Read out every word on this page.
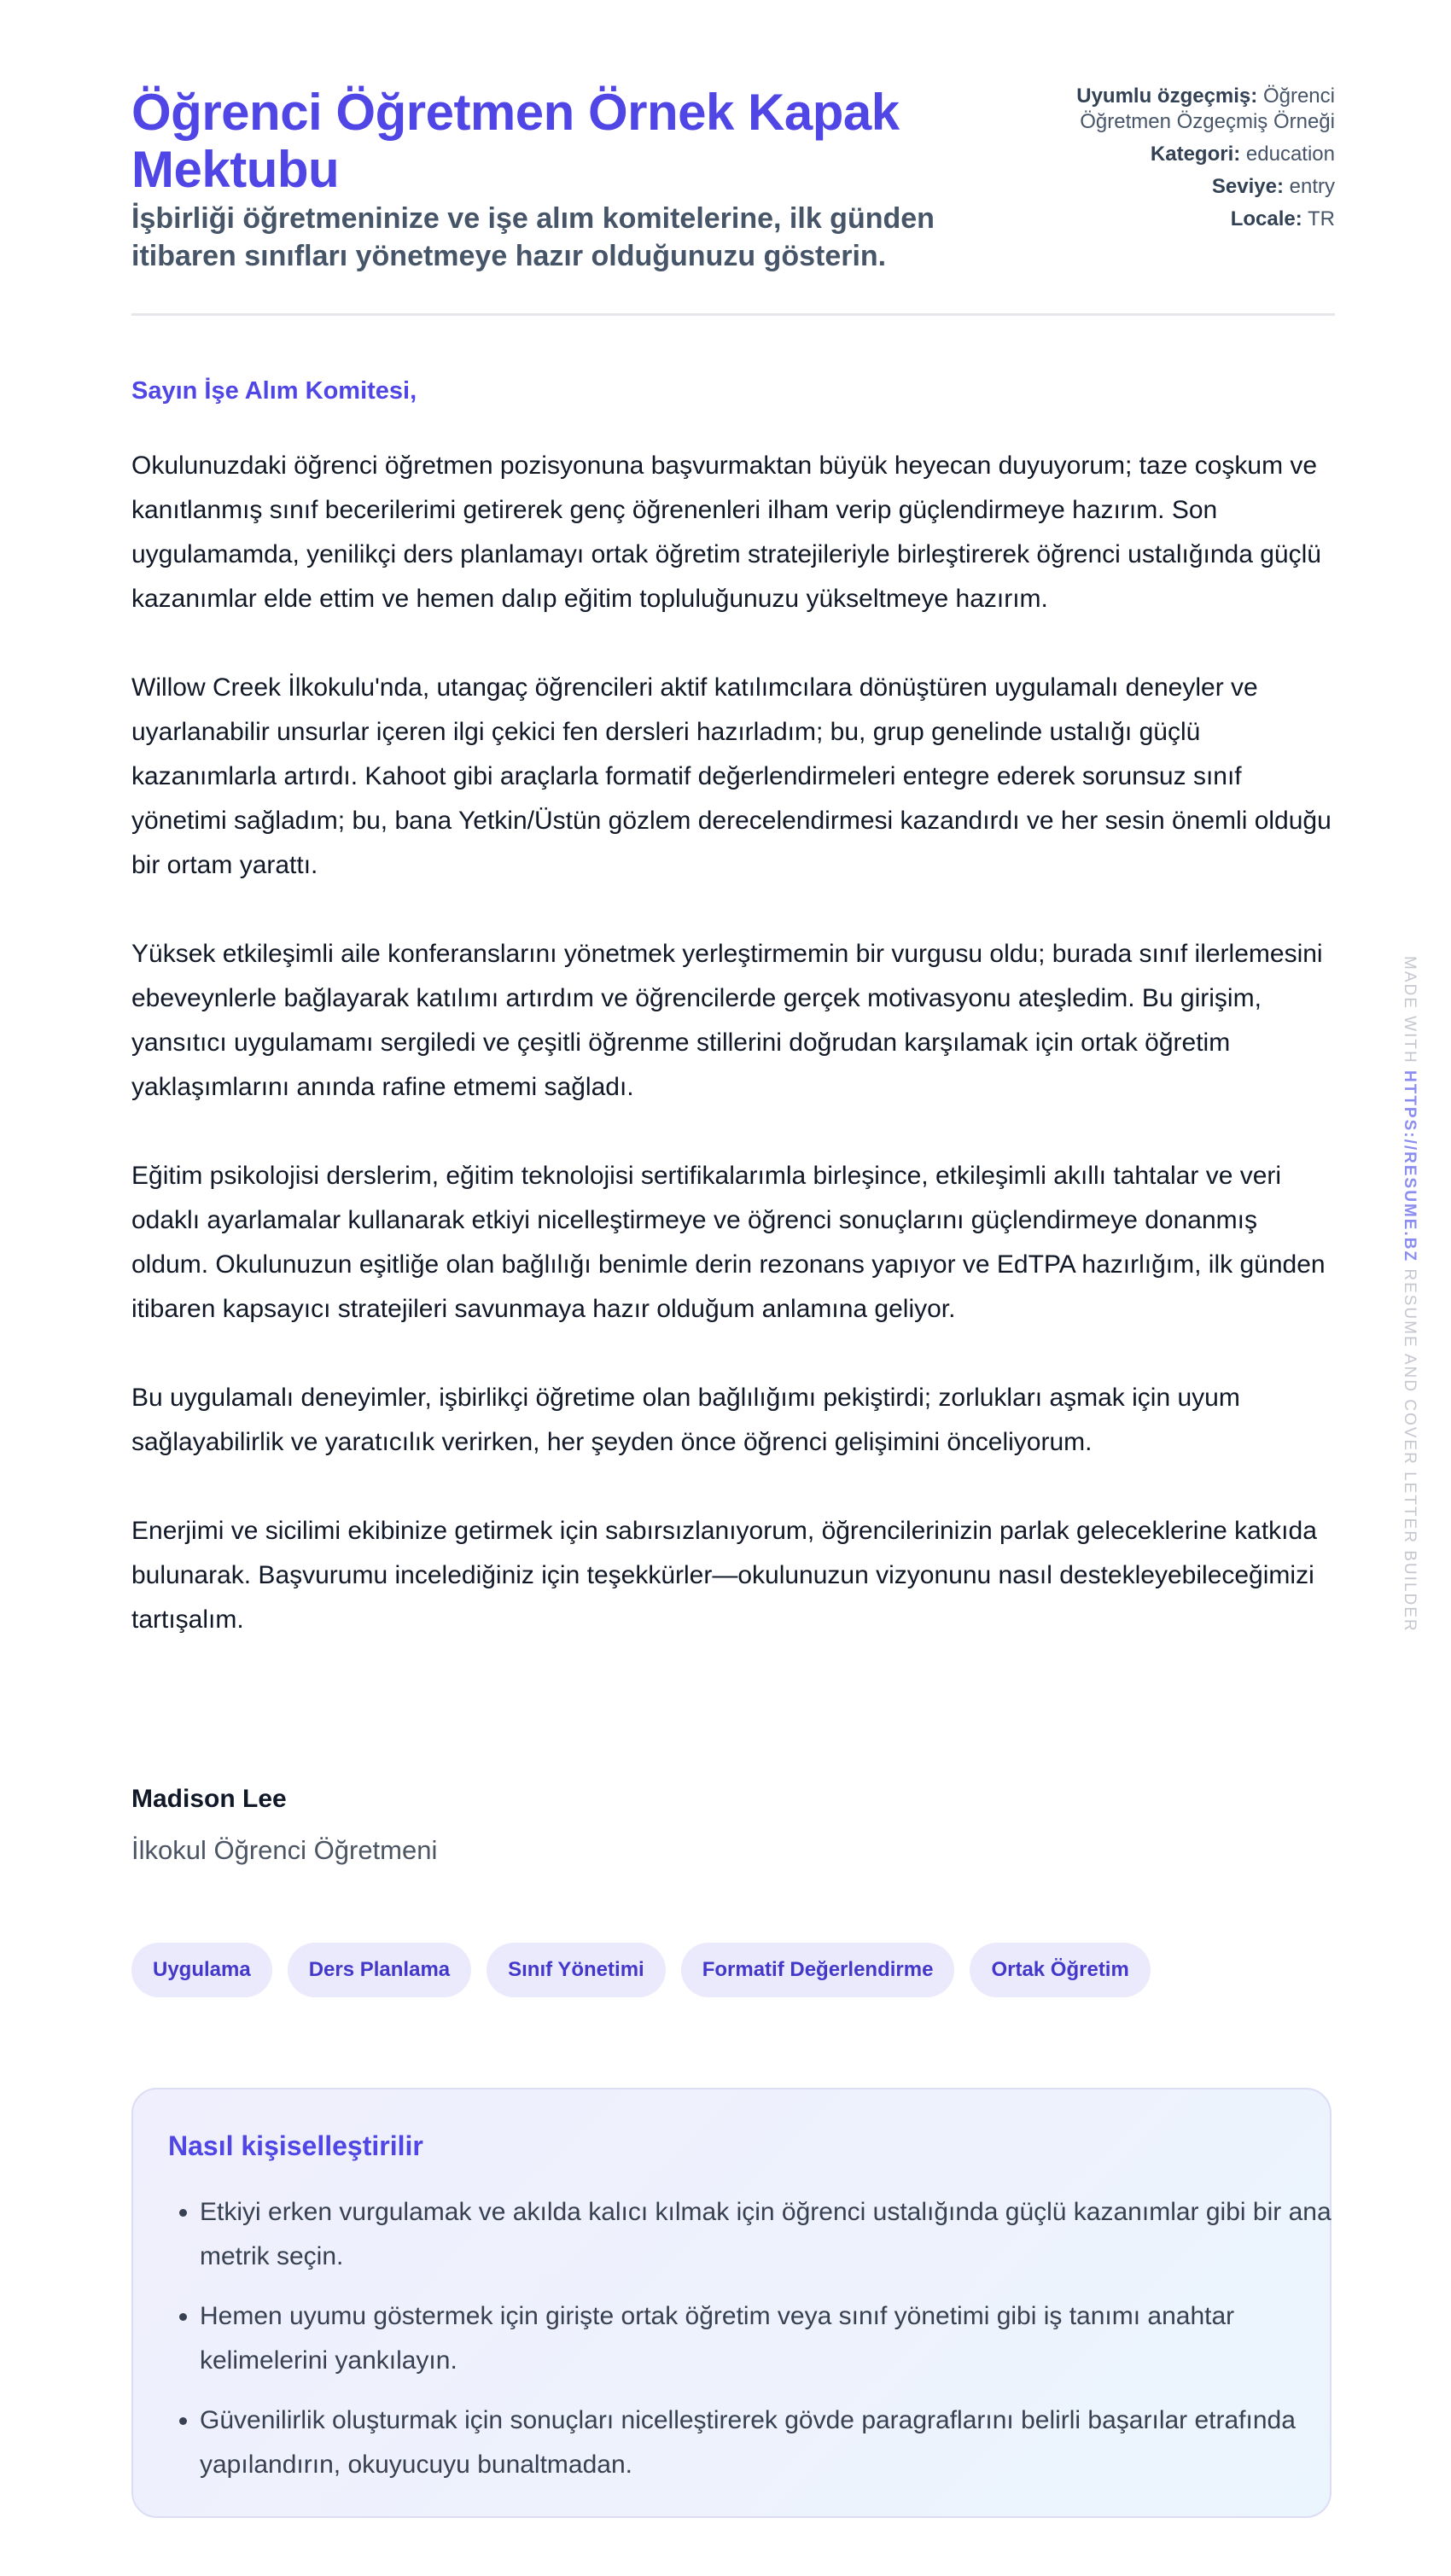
Öğrenci Öğretmen Örnek Kapak Mektubu
İşbirliği öğretmeninize ve işe alım komitelerine, ilk günden itibaren sınıfları yönetmeye hazır olduğunuzu gösterin.
Uyumlu özgeçmiş: Öğrenci Öğretmen Özgeçmiş Örneği
Kategori: education
Seviye: entry
Locale: TR
Sayın İşe Alım Komitesi,

Okulunuzdaki öğrenci öğretmen pozisyonuna başvurmaktan büyük heyecan duyuyorum; taze coşkum ve kanıtlanmış sınıf becerilerimi getirerek genç öğrenenleri ilham verip güçlendirmeye hazırım. Son uygulamamda, yenilikçi ders planlamayı ortak öğretim stratejileriyle birleştirerek öğrenci ustalığında güçlü kazanımlar elde ettim ve hemen dalıp eğitim topluluğunuzu yükseltmeye hazırım.

Willow Creek İlkokulu'nda, utangaç öğrencileri aktif katılımcılara dönüştüren uygulamalı deneyler ve uyarlanabilir unsurlar içeren ilgi çekici fen dersleri hazırladım; bu, grup genelinde ustalığı güçlü kazanımlarla artırdı. Kahoot gibi araçlarla formatif değerlendirmeleri entegre ederek sorunsuz sınıf yönetimi sağladım; bu, bana Yetkin/Üstün gözlem derecelendirmesi kazandırdı ve her sesin önemli olduğu bir ortam yarattı.

Yüksek etkileşimli aile konferanslarını yönetmek yerleştirmemin bir vurgusu oldu; burada sınıf ilerlemesini ebeveynlerle bağlayarak katılımı artırdım ve öğrencilerde gerçek motivasyonu ateşledim. Bu girişim, yansıtıcı uygulamamı sergiledi ve çeşitli öğrenme stillerini doğrudan karşılamak için ortak öğretim yaklaşımlarını anında rafine etmemi sağladı.

Eğitim psikolojisi derslerim, eğitim teknolojisi sertifikalarımla birleşince, etkileşimli akıllı tahtalar ve veri odaklı ayarlamalar kullanarak etkiyi nicelleştirmeye ve öğrenci sonuçlarını güçlendirmeye donanmış oldum. Okulunuzun eşitliğe olan bağlılığı benimle derin rezonans yapıyor ve EdTPA hazırlığım, ilk günden itibaren kapsayıcı stratejileri savunmaya hazır olduğum anlamına geliyor.

Bu uygulamalı deneyimler, işbirlikçi öğretime olan bağlılığımı pekiştirdi; zorlukları aşmak için uyum sağlayabilirlik ve yaratıcılık verirken, her şeyden önce öğrenci gelişimini önceliyorum.

Enerjimi ve sicilimi ekibinize getirmek için sabırsızlanıyorum, öğrencilerinizin parlak geleceklerine katkıda bulunarak. Başvurumu incelediğiniz için teşekkürler—okulunuzun vizyonunu nasıl destekleyebileceğimizi tartışalım.

Madison Lee
İlkokul Öğrenci Öğretmeni
Uygulama	Ders Planlama	Sınıf Yönetimi	Formatif Değerlendirme	Ortak Öğretim
Nasıl kişiselleştirilir
• Etkiyi erken vurgulamak ve akılda kalıcı kılmak için öğrenci ustalığında güçlü kazanımlar gibi bir ana metrik seçin.
• Hemen uyumu göstermek için girişte ortak öğretim veya sınıf yönetimi gibi iş tanımı anahtar kelimelerini yankılayın.
• Güvenilirlik oluşturmak için sonuçları nicelleştirerek gövde paragraflarını belirli başarılar etrafında yapılandırın, okuyucuyu bunaltmadan.
MADE WITH HTTPS://RESUME.BZ RESUME AND COVER LETTER BUILDER
